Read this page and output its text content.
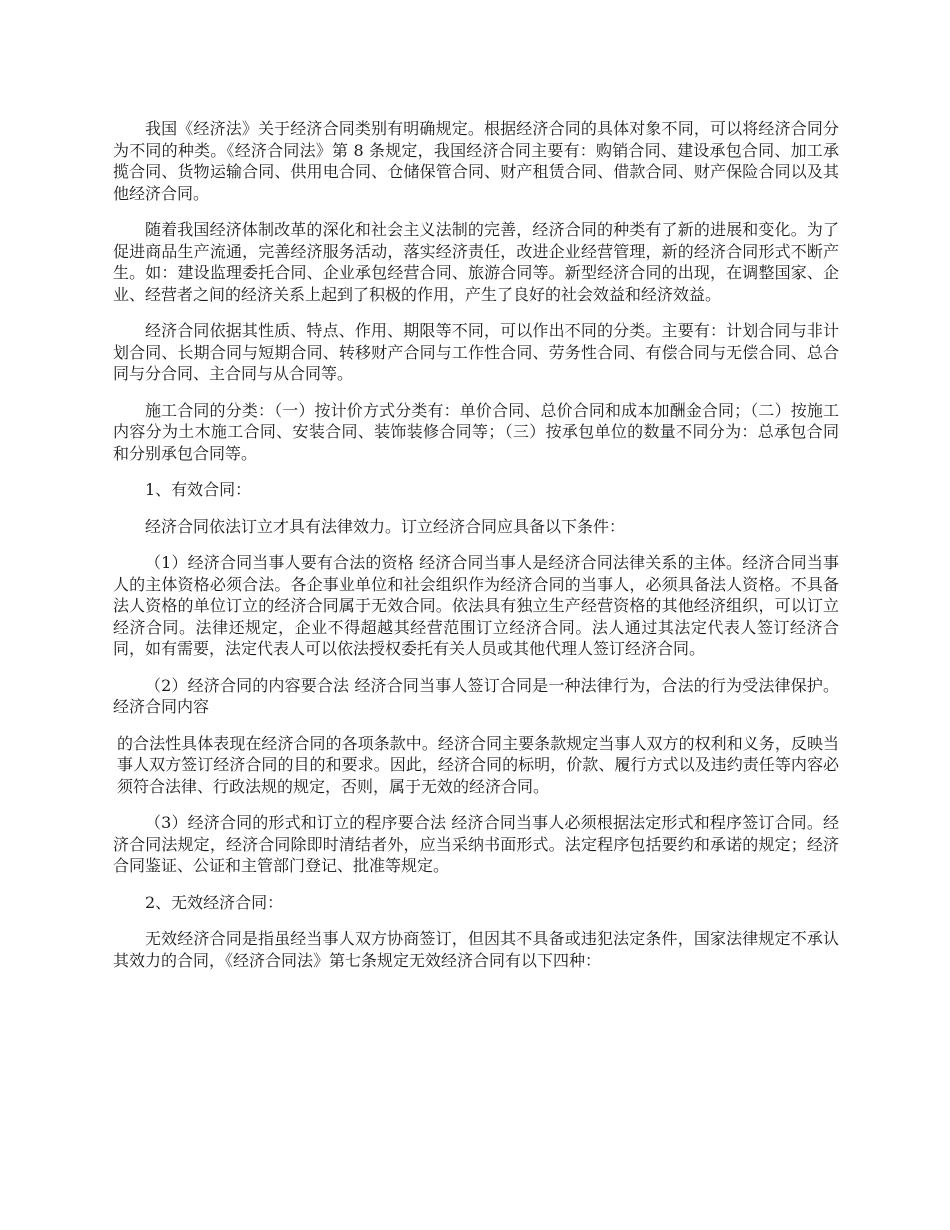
我国《经济法》关于经济合同类别有明确规定。根据经济合同的具体对象不同，可以将经济合同分为不同的种类。《经济合同法》第 8 条规定，我国经济合同主要有：购销合同、建设承包合同、加工承揽合同、货物运输合同、供用电合同、仓储保管合同、财产租赁合同、借款合同、财产保险合同以及其他经济合同。

随着我国经济体制改革的深化和社会主义法制的完善，经济合同的种类有了新的进展和变化。为了促进商品生产流通，完善经济服务活动，落实经济责任，改进企业经营管理，新的经济合同形式不断产生。如：建设监理委托合同、企业承包经营合同、旅游合同等。新型经济合同的出现，在调整国家、企业、经营者之间的经济关系上起到了积极的作用，产生了良好的社会效益和经济效益。

经济合同依据其性质、特点、作用、期限等不同，可以作出不同的分类。主要有：计划合同与非计划合同、长期合同与短期合同、转移财产合同与工作性合同、劳务性合同、有偿合同与无偿合同、总合同与分合同、主合同与从合同等。

施工合同的分类：（一）按计价方式分类有：单价合同、总价合同和成本加酬金合同；（二）按施工内容分为土木施工合同、安装合同、装饰装修合同等；（三）按承包单位的数量不同分为：总承包合同和分别承包合同等。

1、有效合同：

经济合同依法订立才具有法律效力。订立经济合同应具备以下条件：

（1）经济合同当事人要有合法的资格 经济合同当事人是经济合同法律关系的主体。经济合同当事人的主体资格必须合法。各企事业单位和社会组织作为经济合同的当事人，必须具备法人资格。不具备法人资格的单位订立的经济合同属于无效合同。依法具有独立生产经营资格的其他经济组织，可以订立经济合同。法律还规定，企业不得超越其经营范围订立经济合同。法人通过其法定代表人签订经济合同，如有需要，法定代表人可以依法授权委托有关人员或其他代理人签订经济合同。

（2）经济合同的内容要合法 经济合同当事人签订合同是一种法律行为，合法的行为受法律保护。经济合同内容

的合法性具体表现在经济合同的各项条款中。经济合同主要条款规定当事人双方的权利和义务，反映当事人双方签订经济合同的目的和要求。因此，经济合同的标明，价款、履行方式以及违约责任等内容必须符合法律、行政法规的规定，否则，属于无效的经济合同。

（3）经济合同的形式和订立的程序要合法 经济合同当事人必须根据法定形式和程序签订合同。经济合同法规定，经济合同除即时清结者外，应当采纳书面形式。法定程序包括要约和承诺的规定；经济合同鉴证、公证和主管部门登记、批准等规定。

2、无效经济合同：

无效经济合同是指虽经当事人双方协商签订，但因其不具备或违犯法定条件，国家法律规定不承认其效力的合同，《经济合同法》第七条规定无效经济合同有以下四种：
